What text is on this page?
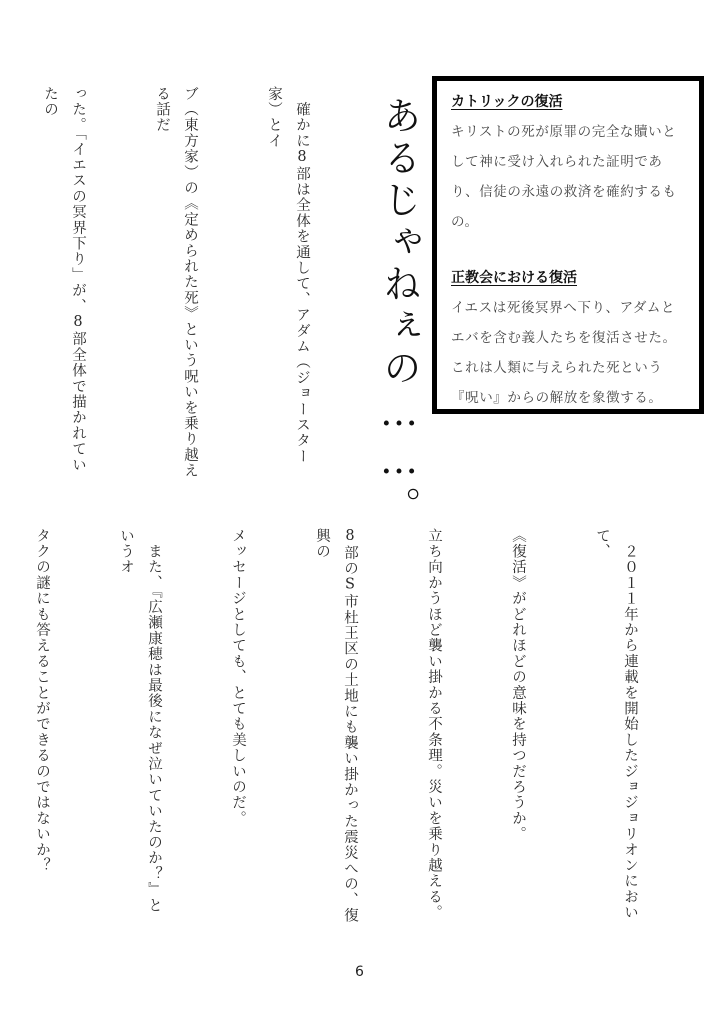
あるじゃねぇの……。	カトリックの復活

キリストの死が原罪の完全な贖いと

して神に受け入れられた証明であ

り、信徒の永遠の救済を確約するも

の。

正教会における復活

イエスは死後冥界へ下り、アダムと

エバを含む義人たちを復活させた。

これは人類に与えられた死という

『呪い』からの解放を象徴する。

　確かに8部は全体を通して、アダム（ジョースター家）とイ

ブ（東方家）の《定められた死》という呪いを乗り越える話だ

った。「イエスの冥界下り」が、8部全体で描かれていたの

　２０１１年から連載を開始したジョジョリオンにおいて、

《復活》がどれほどの意味を持つだろうか。

立ち向かうほど襲い掛かる不条理。災いを乗り越える。

8部のS市杜王区の土地にも襲い掛かった震災への、復興の

メッセージとしても、とても美しいのだ。

　また、『広瀬康穂は最後になぜ泣いていたのか？』というオ

タクの謎にも答えることができるのではないか？

6
